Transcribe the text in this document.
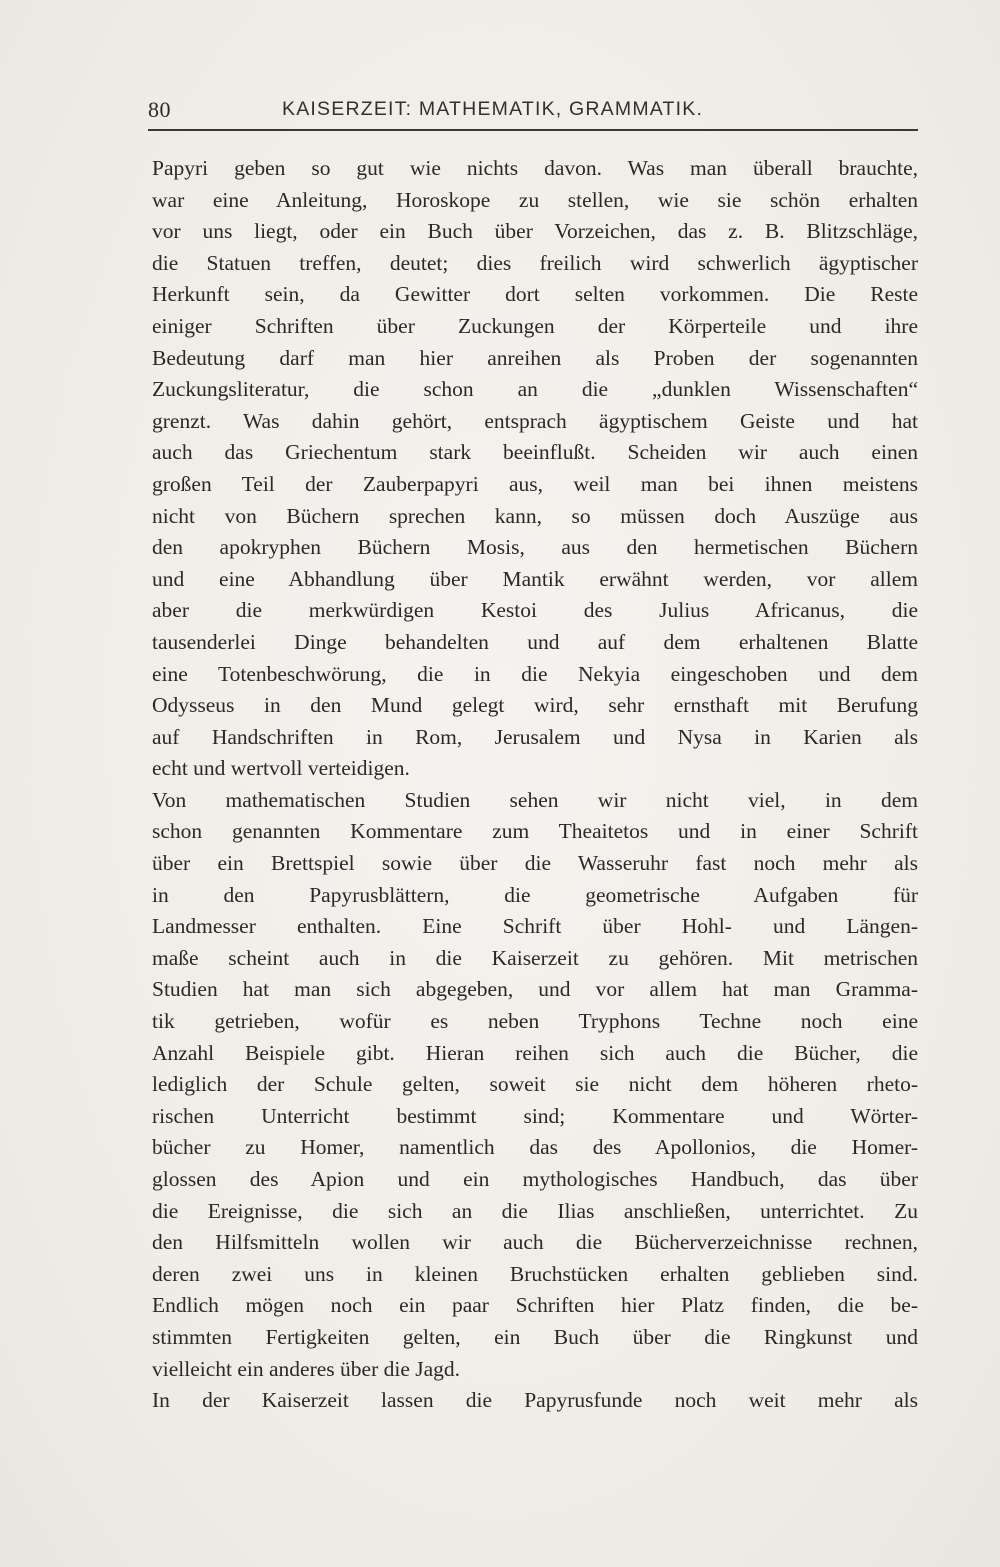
80	KAISERZEIT: MATHEMATIK, GRAMMATIK.
Papyri geben so gut wie nichts davon. Was man überall brauchte,
war eine Anleitung, Horoskope zu stellen, wie sie schön erhalten
vor uns liegt, oder ein Buch über Vorzeichen, das z. B. Blitzschläge,
die Statuen treffen, deutet; dies freilich wird schwerlich ägyptischer
Herkunft sein, da Gewitter dort selten vorkommen. Die Reste
einiger Schriften über Zuckungen der Körperteile und ihre
Bedeutung darf man hier anreihen als Proben der sogenannten
Zuckungsliteratur, die schon an die „dunklen Wissenschaften“
grenzt. Was dahin gehört, entsprach ägyptischem Geiste und hat
auch das Griechentum stark beeinflußt. Scheiden wir auch einen
großen Teil der Zauberpapyri aus, weil man bei ihnen meistens
nicht von Büchern sprechen kann, so müssen doch Auszüge aus
den apokryphen Büchern Mosis, aus den hermetischen Büchern
und eine Abhandlung über Mantik erwähnt werden, vor allem
aber die merkwürdigen Kestoi des Julius Africanus, die
tausenderlei Dinge behandelten und auf dem erhaltenen Blatte
eine Totenbeschwörung, die in die Nekyia eingeschoben und dem
Odysseus in den Mund gelegt wird, sehr ernsthaft mit Berufung
auf Handschriften in Rom, Jerusalem und Nysa in Karien als
echt und wertvoll verteidigen.
Von mathematischen Studien sehen wir nicht viel, in dem
schon genannten Kommentare zum Theaitetos und in einer Schrift
über ein Brettspiel sowie über die Wasseruhr fast noch mehr als
in den Papyrusblättern, die geometrische Aufgaben für
Landmesser enthalten. Eine Schrift über Hohl- und Längen-
maße scheint auch in die Kaiserzeit zu gehören. Mit metrischen
Studien hat man sich abgegeben, und vor allem hat man Gramma-
tik getrieben, wofür es neben Tryphons Techne noch eine
Anzahl Beispiele gibt. Hieran reihen sich auch die Bücher, die
lediglich der Schule gelten, soweit sie nicht dem höheren rheto-
rischen Unterricht bestimmt sind; Kommentare und Wörter-
bücher zu Homer, namentlich das des Apollonios, die Homer-
glossen des Apion und ein mythologisches Handbuch, das über
die Ereignisse, die sich an die Ilias anschließen, unterrichtet. Zu
den Hilfsmitteln wollen wir auch die Bücherverzeichnisse rechnen,
deren zwei uns in kleinen Bruchstücken erhalten geblieben sind.
Endlich mögen noch ein paar Schriften hier Platz finden, die be-
stimmten Fertigkeiten gelten, ein Buch über die Ringkunst und
vielleicht ein anderes über die Jagd.
In der Kaiserzeit lassen die Papyrusfunde noch weit mehr als
